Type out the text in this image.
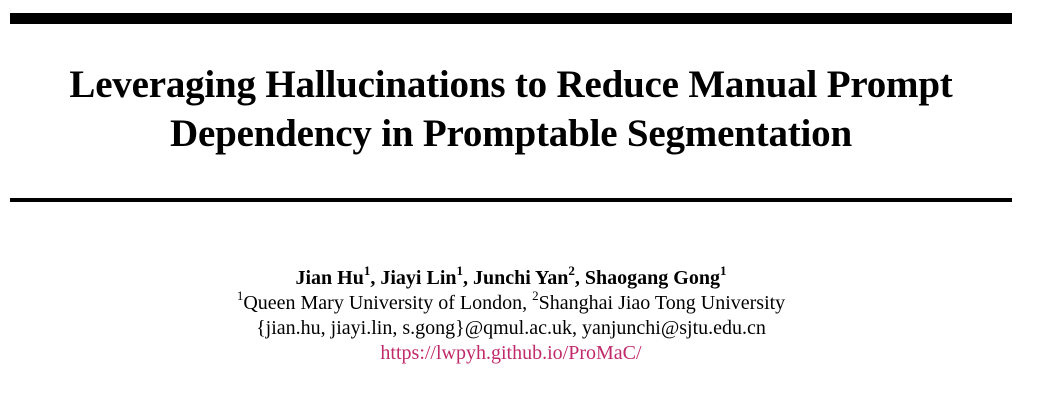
Leveraging Hallucinations to Reduce Manual Prompt
Dependency in Promptable Segmentation
Jian Hu$^1$, Jiayi Lin$^1$, Junchi Yan$^2$, Shaogang Gong$^1$
$^1$Queen Mary University of London, $^2$Shanghai Jiao Tong University
{jian.hu, jiayi.lin, s.gong}@qmul.ac.uk, yanjunchi@sjtu.edu.cn
https://lwpyh.github.io/ProMaC/
